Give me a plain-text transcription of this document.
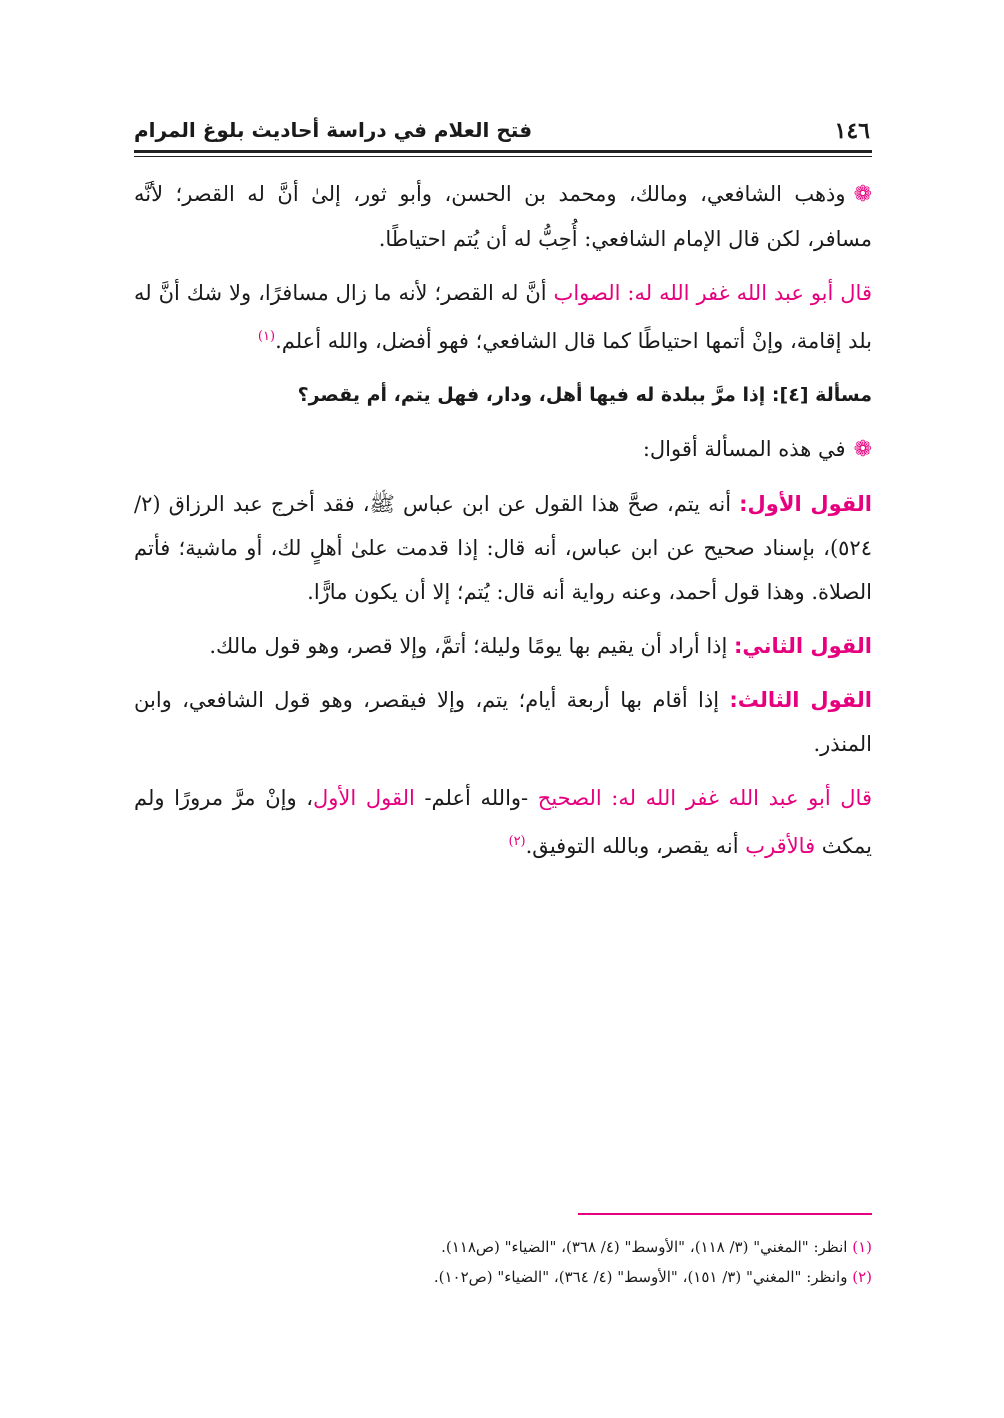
١٤٦
فتح العلام في دراسة أحاديث بلوغ المرام

❁وذهب الشافعي، ومالك، ومحمد بن الحسن، وأبو ثور، إلىٰ أنَّ له القصر؛ لأنَّه مسافر، لكن قال الإمام الشافعي: أُحِبُّ له أن يُتم احتياطًا.

قال أبو عبد الله غفر الله له: الصواب أنَّ له القصر؛ لأنه ما زال مسافرًا، ولا شك أنَّ له بلد إقامة، وإنْ أتمها احتياطًا كما قال الشافعي؛ فهو أفضل، والله أعلم.$^{(١)}$

مسألة [٤]: إذا مرَّ ببلدة له فيها أهل، ودار، فهل يتم، أم يقصر؟

❁في هذه المسألة أقوال:

القول الأول: أنه يتم، صحَّ هذا القول عن ابن عباس ﷺ، فقد أخرج عبد الرزاق (٢/ ٥٢٤)، بإسناد صحيح عن ابن عباس، أنه قال: إذا قدمت علىٰ أهلٍ لك، أو ماشية؛ فأتم الصلاة. وهذا قول أحمد، وعنه رواية أنه قال: يُتم؛ إلا أن يكون مارًّا.

القول الثاني: إذا أراد أن يقيم بها يومًا وليلة؛ أتمَّ، وإلا قصر، وهو قول مالك.

القول الثالث: إذا أقام بها أربعة أيام؛ يتم، وإلا فيقصر، وهو قول الشافعي، وابن المنذر.

قال أبو عبد الله غفر الله له: الصحيح -والله أعلم- القول الأول، وإنْ مرَّ مرورًا ولم يمكث فالأقرب أنه يقصر، وبالله التوفيق.$^{(٢)}$

(١) انظر: "المغني" (٣/ ١١٨)، "الأوسط" (٤/ ٣٦٨)، "الضياء" (ص١١٨).
(٢) وانظر: "المغني" (٣/ ١٥١)، "الأوسط" (٤/ ٣٦٤)، "الضياء" (ص١٠٢).
